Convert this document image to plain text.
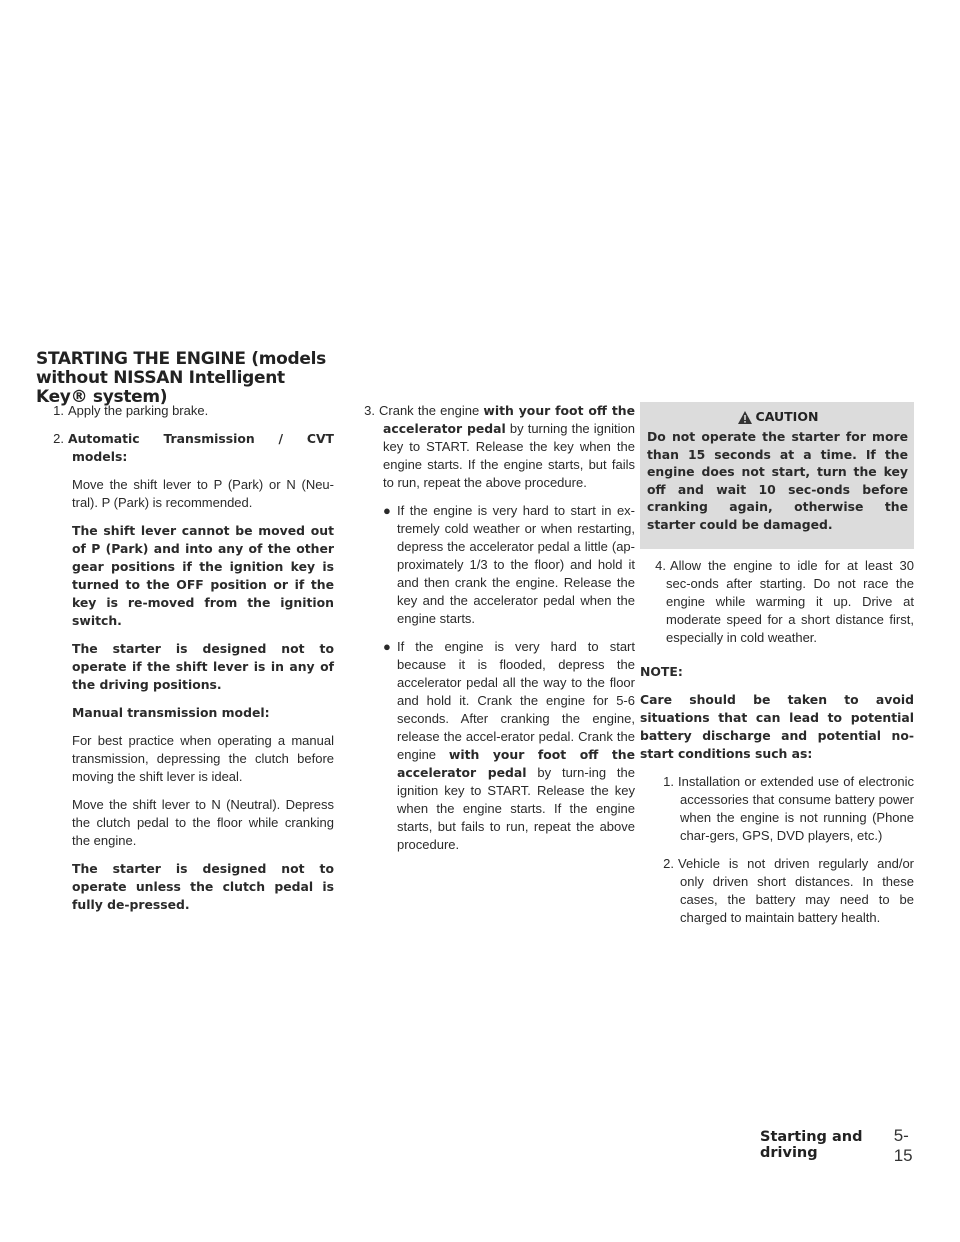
STARTING THE ENGINE (models without NISSAN Intelligent Key® system)

1. Apply the parking brake.

2. Automatic Transmission / CVT models:

Move the shift lever to P (Park) or N (Neu-tral). P (Park) is recommended.

The shift lever cannot be moved out of P (Park) and into any of the other gear positions if the ignition key is turned to the OFF position or if the key is re-moved from the ignition switch.

The starter is designed not to operate if the shift lever is in any of the driving positions.

Manual transmission model:

For best practice when operating a manual transmission, depressing the clutch before moving the shift lever is ideal.

Move the shift lever to N (Neutral). Depress the clutch pedal to the floor while cranking the engine.

The starter is designed not to operate unless the clutch pedal is fully de-pressed.

3. Crank the engine with your foot off the accelerator pedal by turning the ignition key to START. Release the key when the engine starts. If the engine starts, but fails to run, repeat the above procedure.

● If the engine is very hard to start in ex-tremely cold weather or when restarting, depress the accelerator pedal a little (ap-proximately 1/3 to the floor) and hold it and then crank the engine. Release the key and the accelerator pedal when the engine starts.
● If the engine is very hard to start because it is flooded, depress the accelerator pedal all the way to the floor and hold it. Crank the engine for 5-6 seconds. After cranking the engine, release the accel-erator pedal. Crank the engine with your foot off the accelerator pedal by turn-ing the ignition key to START. Release the key when the engine starts. If the engine starts, but fails to run, repeat the above procedure.
CAUTION

Do not operate the starter for more than 15 seconds at a time. If the engine does not start, turn the key off and wait 10 sec-onds before cranking again, otherwise the starter could be damaged.

4. Allow the engine to idle for at least 30 sec-onds after starting. Do not race the engine while warming it up. Drive at moderate speed for a short distance first, especially in cold weather.

NOTE:

Care should be taken to avoid situations that can lead to potential battery discharge and potential no-start conditions such as:

1. Installation or extended use of electronic accessories that consume battery power when the engine is not running (Phone char-gers, GPS, DVD players, etc.)

2. Vehicle is not driven regularly and/or only driven short distances. In these cases, the battery may need to be charged to maintain battery health.

Starting and driving
5-15
